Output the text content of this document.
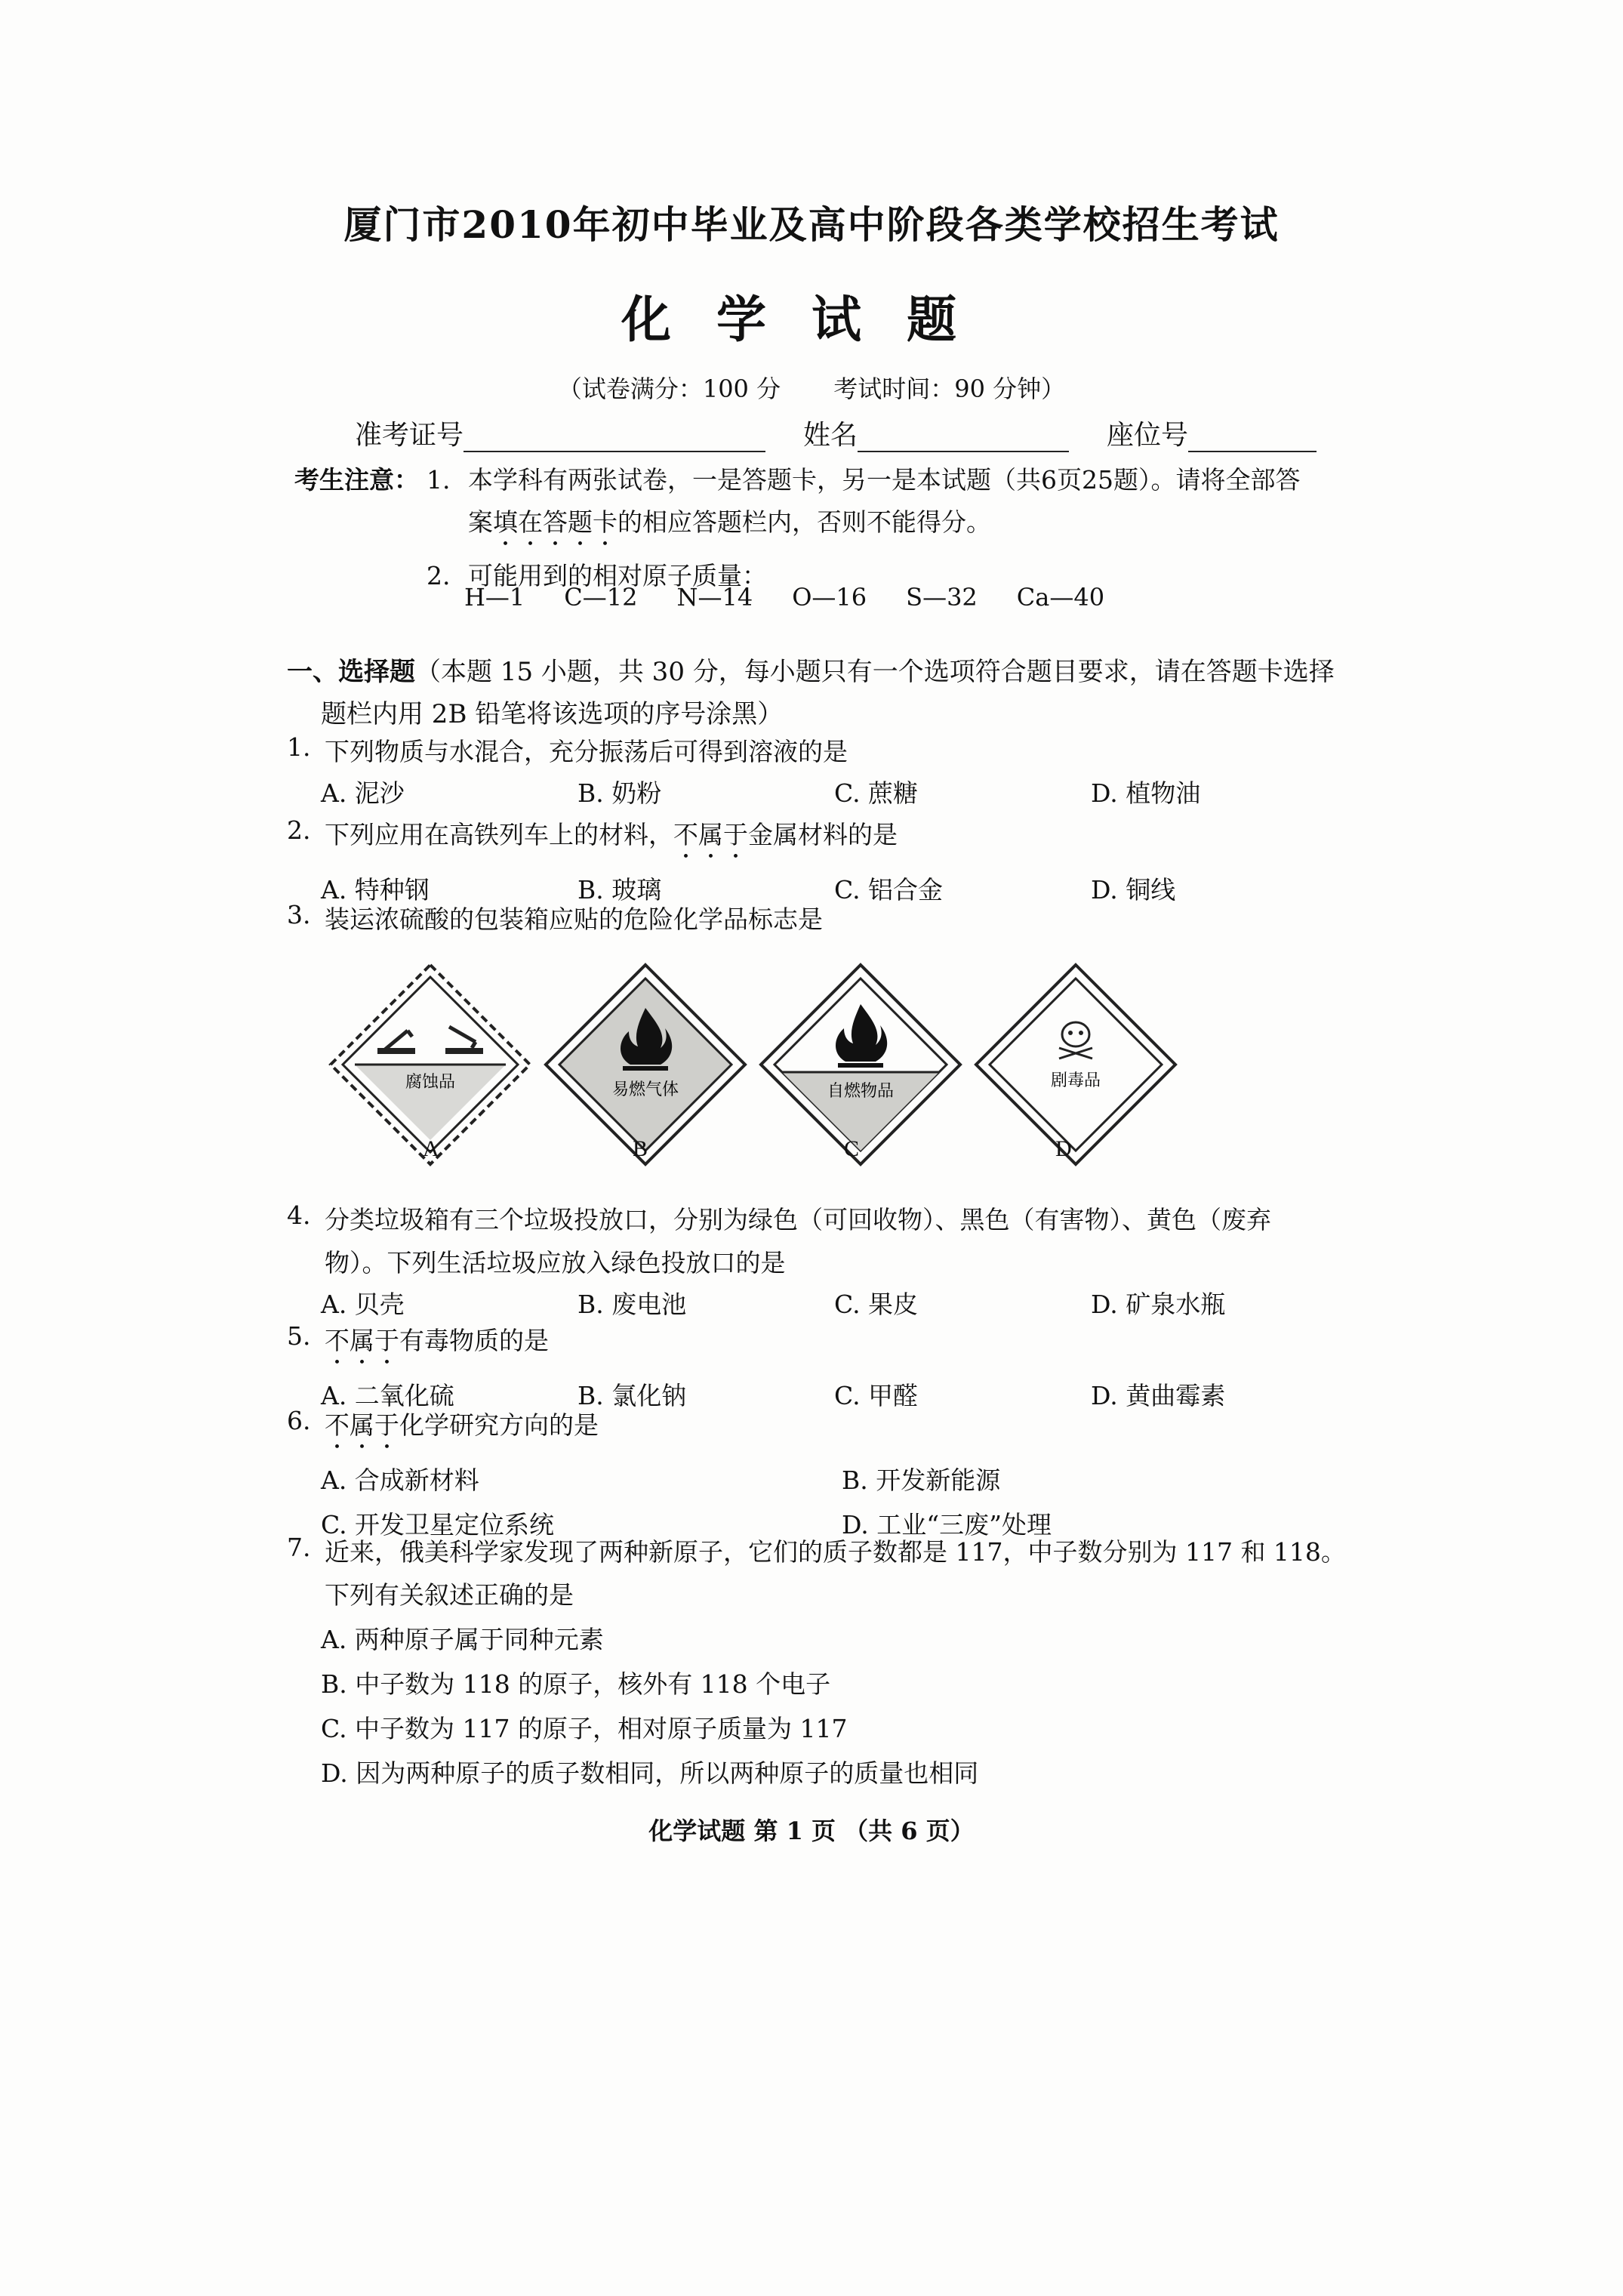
厦门市2010年初中毕业及高中阶段各类学校招生考试
化学试题
（试卷满分：100 分 考试时间：90 分钟）
准考证号	姓名	座位号
考生注意： 1. 本学科有两张试卷，一是答题卡，另一是本试题（共6页25题）。请将全部答
案填在答题卡的相应答题栏内，否则不能得分。
2. 可能用到的相对原子质量：
H—1 C—12 N—14 O—16 S—32 Ca—40
一、选择题（本题 15 小题，共 30 分，每小题只有一个选项符合题目要求，请在答题卡选择
题栏内用 2B 铅笔将该选项的序号涂黑）
1. 下列物质与水混合，充分振荡后可得到溶液的是
A. 泥沙	B. 奶粉	C. 蔗糖	D. 植物油
2. 下列应用在高铁列车上的材料，不属于金属材料的是
A. 特种钢	B. 玻璃	C. 铝合金	D. 铜线
3. 装运浓硫酸的包装箱应贴的危险化学品标志是
腐蚀品	易燃气体	自燃物品
剧毒品
A	B	C	D
4. 分类垃圾箱有三个垃圾投放口，分别为绿色（可回收物）、黑色（有害物）、黄色（废弃
物）。下列生活垃圾应放入绿色投放口的是
A. 贝壳	B. 废电池	C. 果皮	D. 矿泉水瓶
5. 不属于有毒物质的是
A. 二氧化硫	B. 氯化钠	C. 甲醛	D. 黄曲霉素
6. 不属于化学研究方向的是
A. 合成新材料	B. 开发新能源
C. 开发卫星定位系统	D. 工业“三废”处理
7. 近来，俄美科学家发现了两种新原子，它们的质子数都是 117，中子数分别为 117 和 118。
下列有关叙述正确的是
A. 两种原子属于同种元素
B. 中子数为 118 的原子，核外有 118 个电子
C. 中子数为 117 的原子，相对原子质量为 117
D. 因为两种原子的质子数相同，所以两种原子的质量也相同
化学试题 第 1 页 （共 6 页）
